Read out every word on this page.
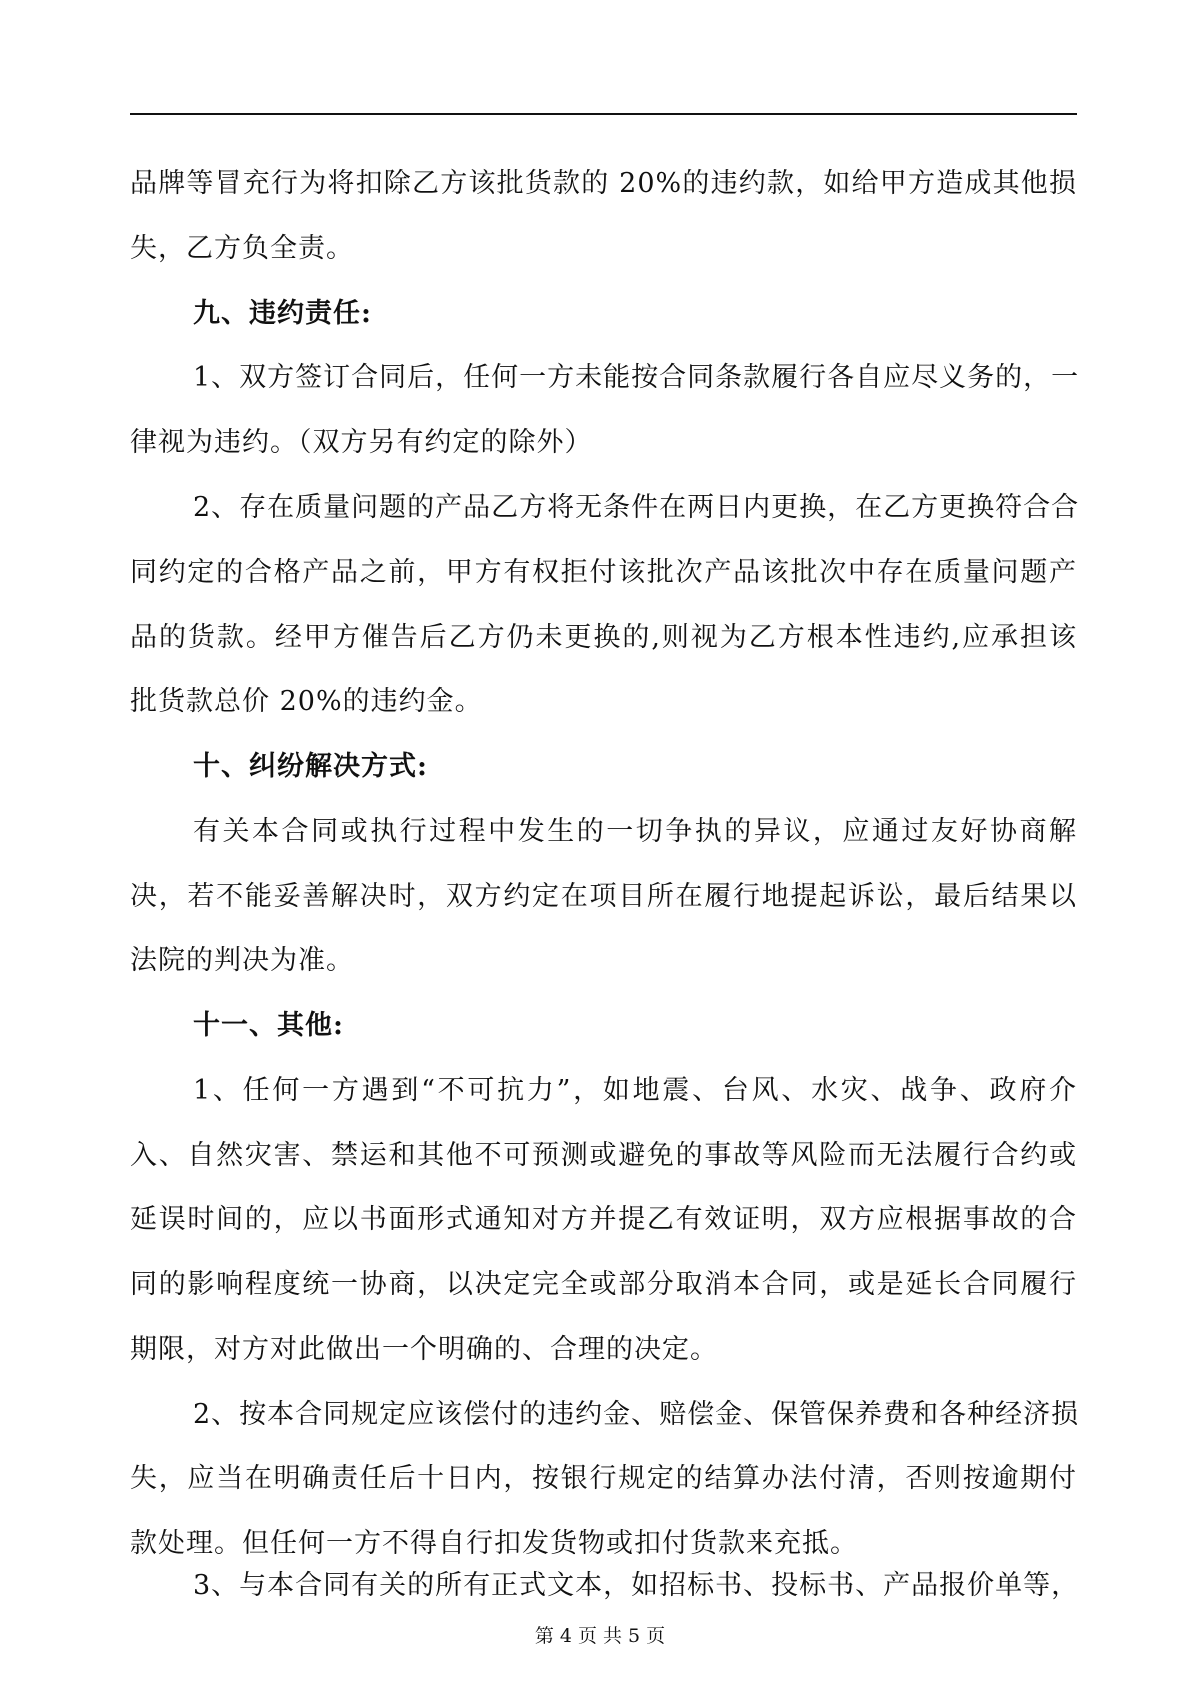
品牌等冒充行为将扣除乙方该批货款的 20%的违约款，如给甲方造成其他损
失，乙方负全责。
九、违约责任:
1、双方签订合同后，任何一方未能按合同条款履行各自应尽义务的，一
律视为违约。（双方另有约定的除外）
2、存在质量问题的产品乙方将无条件在两日内更换，在乙方更换符合合
同约定的合格产品之前，甲方有权拒付该批次产品该批次中存在质量问题产
品的货款。经甲方催告后乙方仍未更换的,则视为乙方根本性违约,应承担该
批货款总价 20%的违约金。
十、纠纷解决方式:
有关本合同或执行过程中发生的一切争执的异议，应通过友好协商解
决，若不能妥善解决时，双方约定在项目所在履行地提起诉讼，最后结果以
法院的判决为准。
十一、其他:
1、任何一方遇到“不可抗力”，如地震、台风、水灾、战争、政府介
入、自然灾害、禁运和其他不可预测或避免的事故等风险而无法履行合约或
延误时间的，应以书面形式通知对方并提乙有效证明，双方应根据事故的合
同的影响程度统一协商，以决定完全或部分取消本合同，或是延长合同履行
期限，对方对此做出一个明确的、合理的决定。
2、按本合同规定应该偿付的违约金、赔偿金、保管保养费和各种经济损
失，应当在明确责任后十日内，按银行规定的结算办法付清，否则按逾期付
款处理。但任何一方不得自行扣发货物或扣付货款来充抵。
3、与本合同有关的所有正式文本，如招标书、投标书、产品报价单等，
第 4 页 共 5 页
